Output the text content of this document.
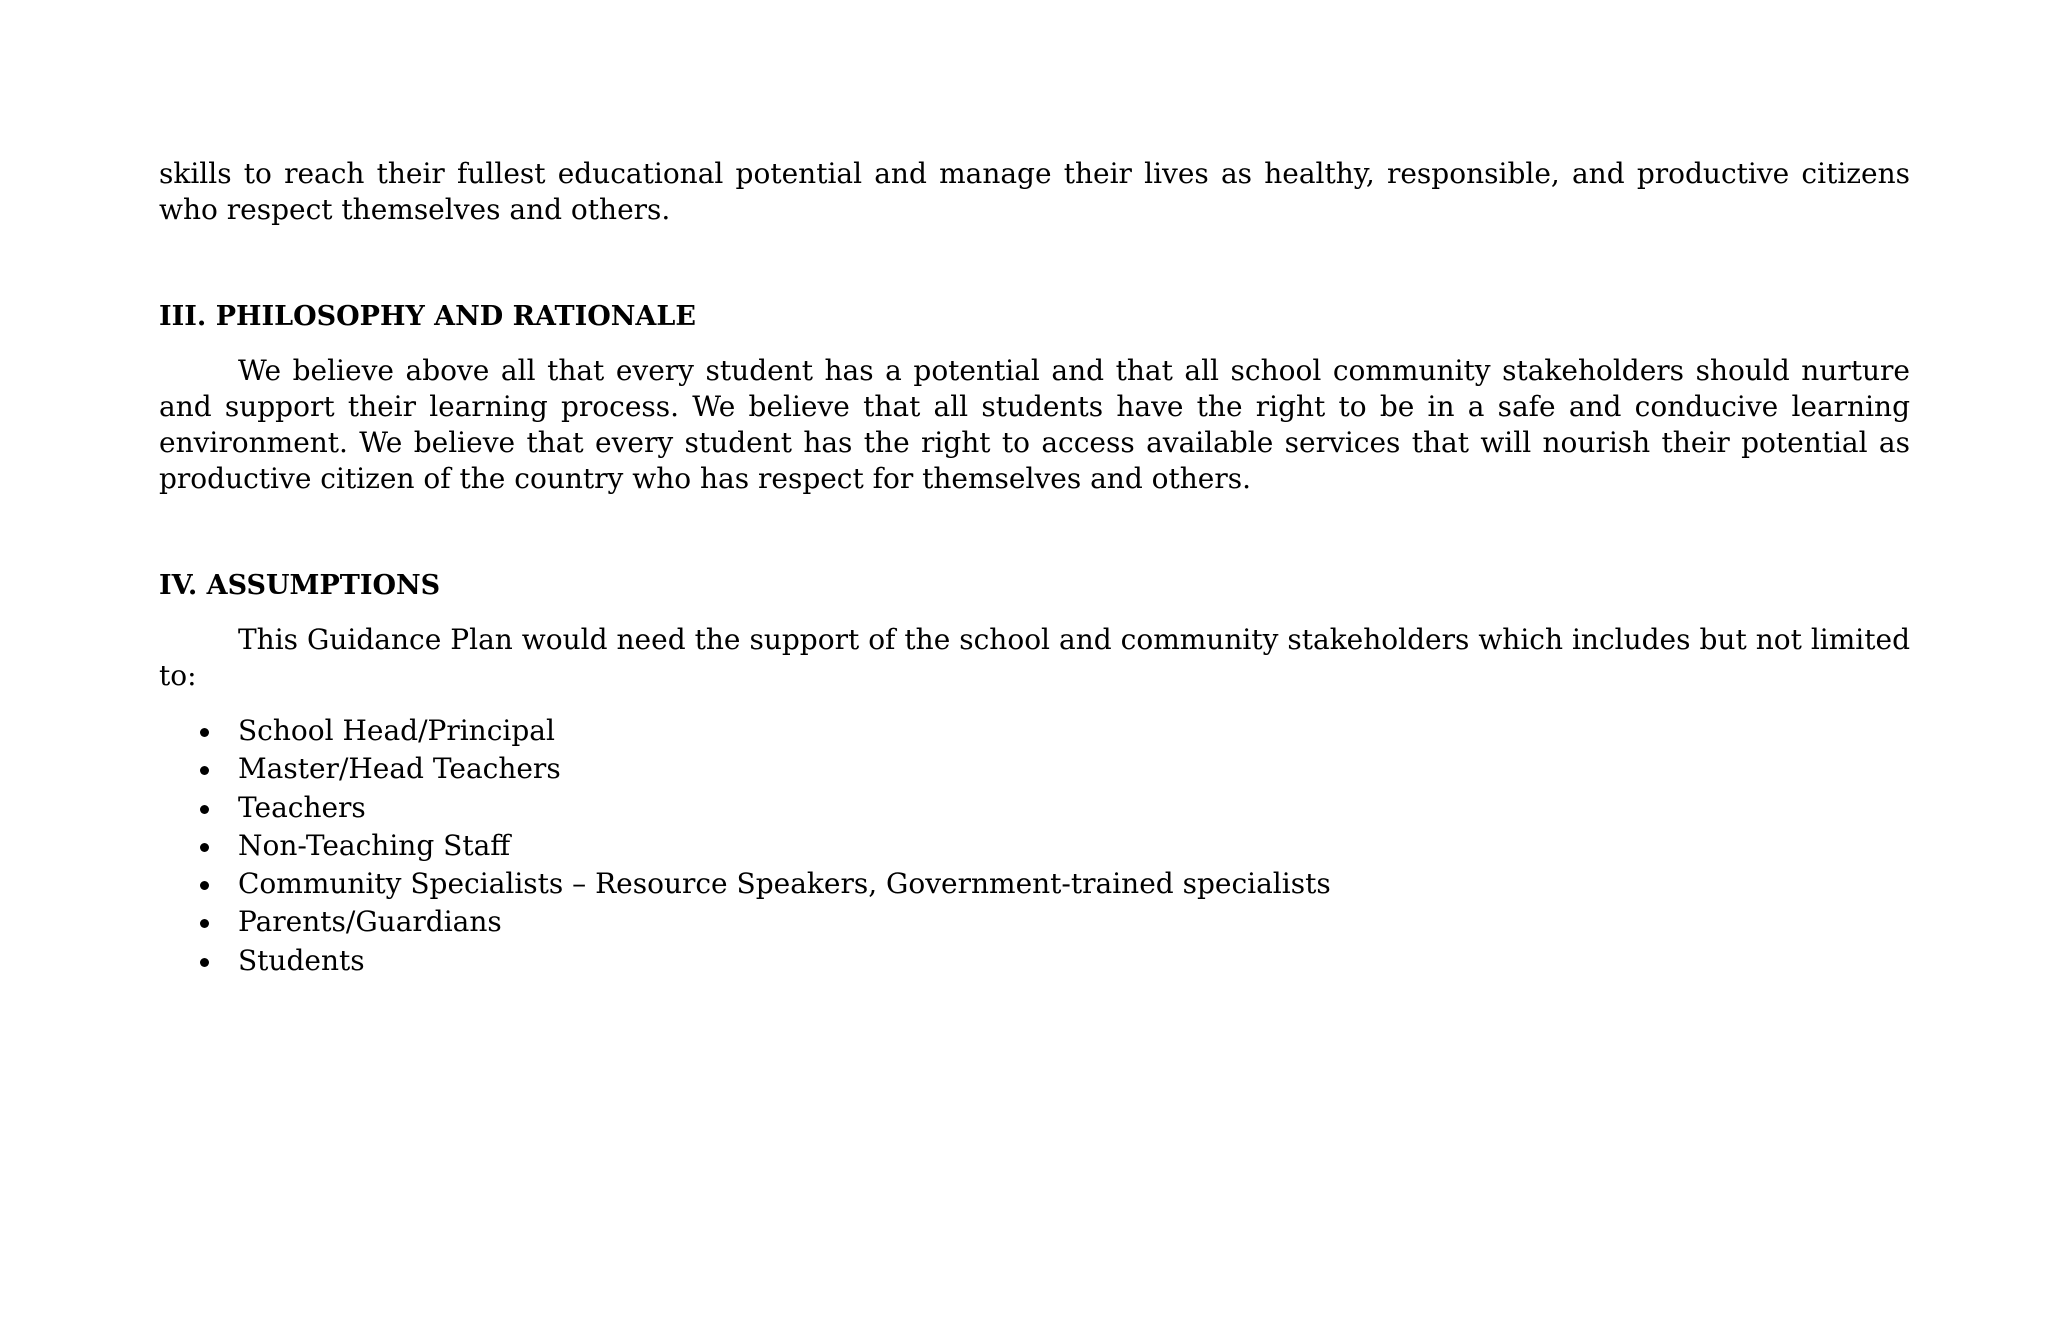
skills to reach their fullest educational potential and manage their lives as healthy, responsible, and productive citizens who respect themselves and others.

III. PHILOSOPHY AND RATIONALE

We believe above all that every student has a potential and that all school community stakeholders should nurture and support their learning process. We believe that all students have the right to be in a safe and conducive learning environment. We believe that every student has the right to access available services that will nourish their potential as productive citizen of the country who has respect for themselves and others.

IV. ASSUMPTIONS

This Guidance Plan would need the support of the school and community stakeholders which includes but not limited to:

School Head/Principal
Master/Head Teachers
Teachers
Non-Teaching Staff
Community Specialists – Resource Speakers, Government-trained specialists
Parents/Guardians
Students
